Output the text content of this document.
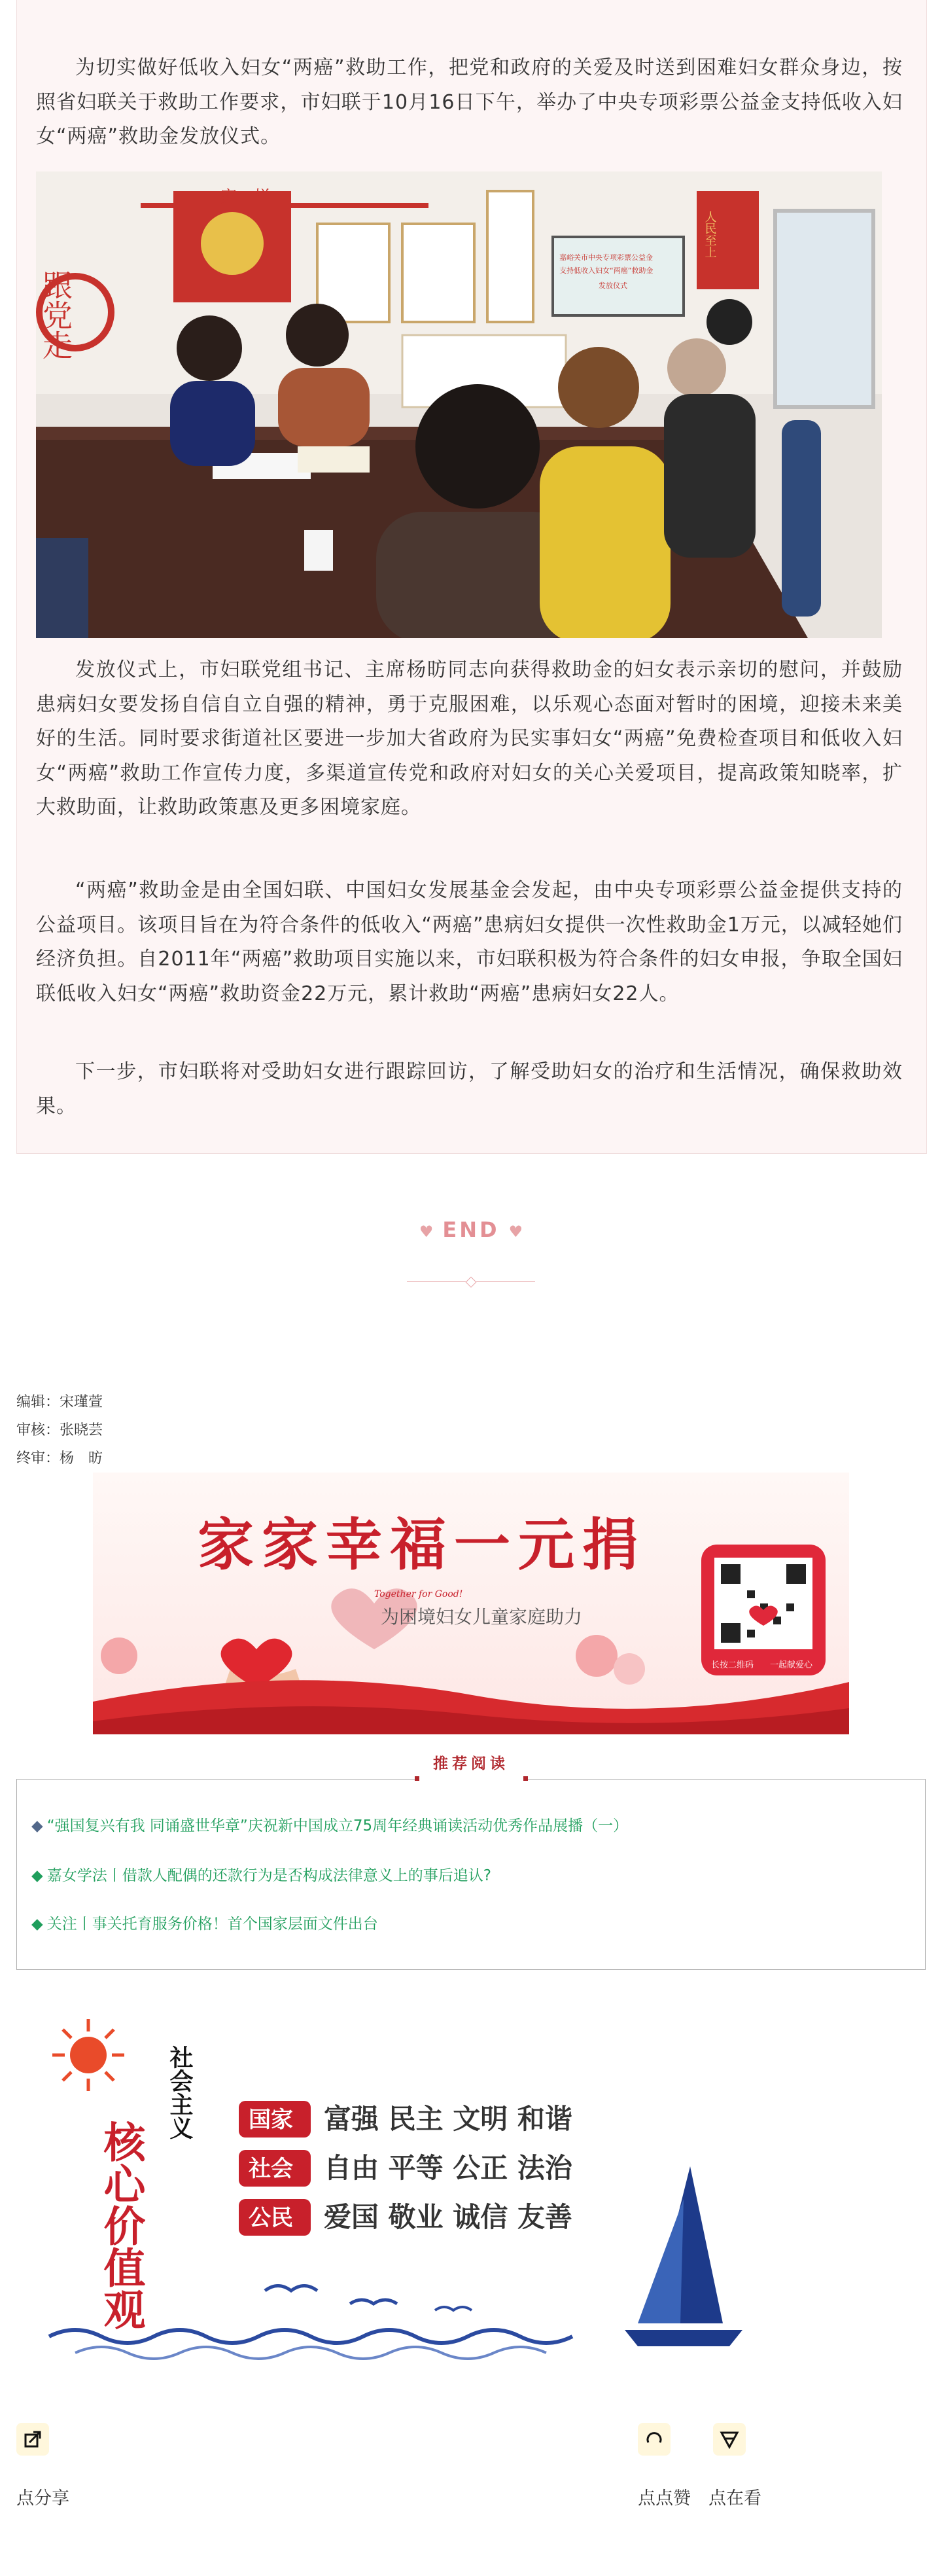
为切实做好低收入妇女“两癌”救助工作，把党和政府的关爱及时送到困难妇女群众身边，按照省妇联关于救助工作要求，市妇联于10月16日下午，举办了中央专项彩票公益金支持低收入妇女“两癌”救助金发放仪式。

一家一样
跟党走
嘉峪关市中央专项彩票公益金
支持低收入妇女“两癌”救助金
发放仪式
人民至上

发放仪式上，市妇联党组书记、主席杨昉同志向获得救助金的妇女表示亲切的慰问，并鼓励患病妇女要发扬自信自立自强的精神，勇于克服困难，以乐观心态面对暂时的困境，迎接未来美好的生活。同时要求街道社区要进一步加大省政府为民实事妇女“两癌”免费检查项目和低收入妇女“两癌”救助工作宣传力度，多渠道宣传党和政府对妇女的关心关爱项目，提高政策知晓率，扩大救助面，让救助政策惠及更多困境家庭。

“两癌”救助金是由全国妇联、中国妇女发展基金会发起，由中央专项彩票公益金提供支持的公益项目。该项目旨在为符合条件的低收入“两癌”患病妇女提供一次性救助金1万元，以减轻她们经济负担。自2011年“两癌”救助项目实施以来，市妇联积极为符合条件的妇女申报，争取全国妇联低收入妇女“两癌”救助资金22万元，累计救助“两癌”患病妇女22人。

下一步，市妇联将对受助妇女进行跟踪回访，了解受助妇女的治疗和生活情况，确保救助效果。

♥ END ♥
编辑：宋瑾萱
审核：张晓芸
终审：杨　昉
家家幸福一元捐
Together for Good!
为困境妇女儿童家庭助力
长按二维码 一起献爱心
◆ “强国复兴有我 同诵盛世华章”庆祝新中国成立75周年经典诵读活动优秀作品展播（一）
◆ 嘉女学法丨借款人配偶的还款行为是否构成法律意义上的事后追认?
◆ 关注丨事关托育服务价格！首个国家层面文件出台
推荐阅读
社会主义
核心价值观
国家 富强 民主 文明 和谐
社会 自由 平等 公正 法治
公民 爱国 敬业 诚信 友善
点分享	点点赞 点在看
